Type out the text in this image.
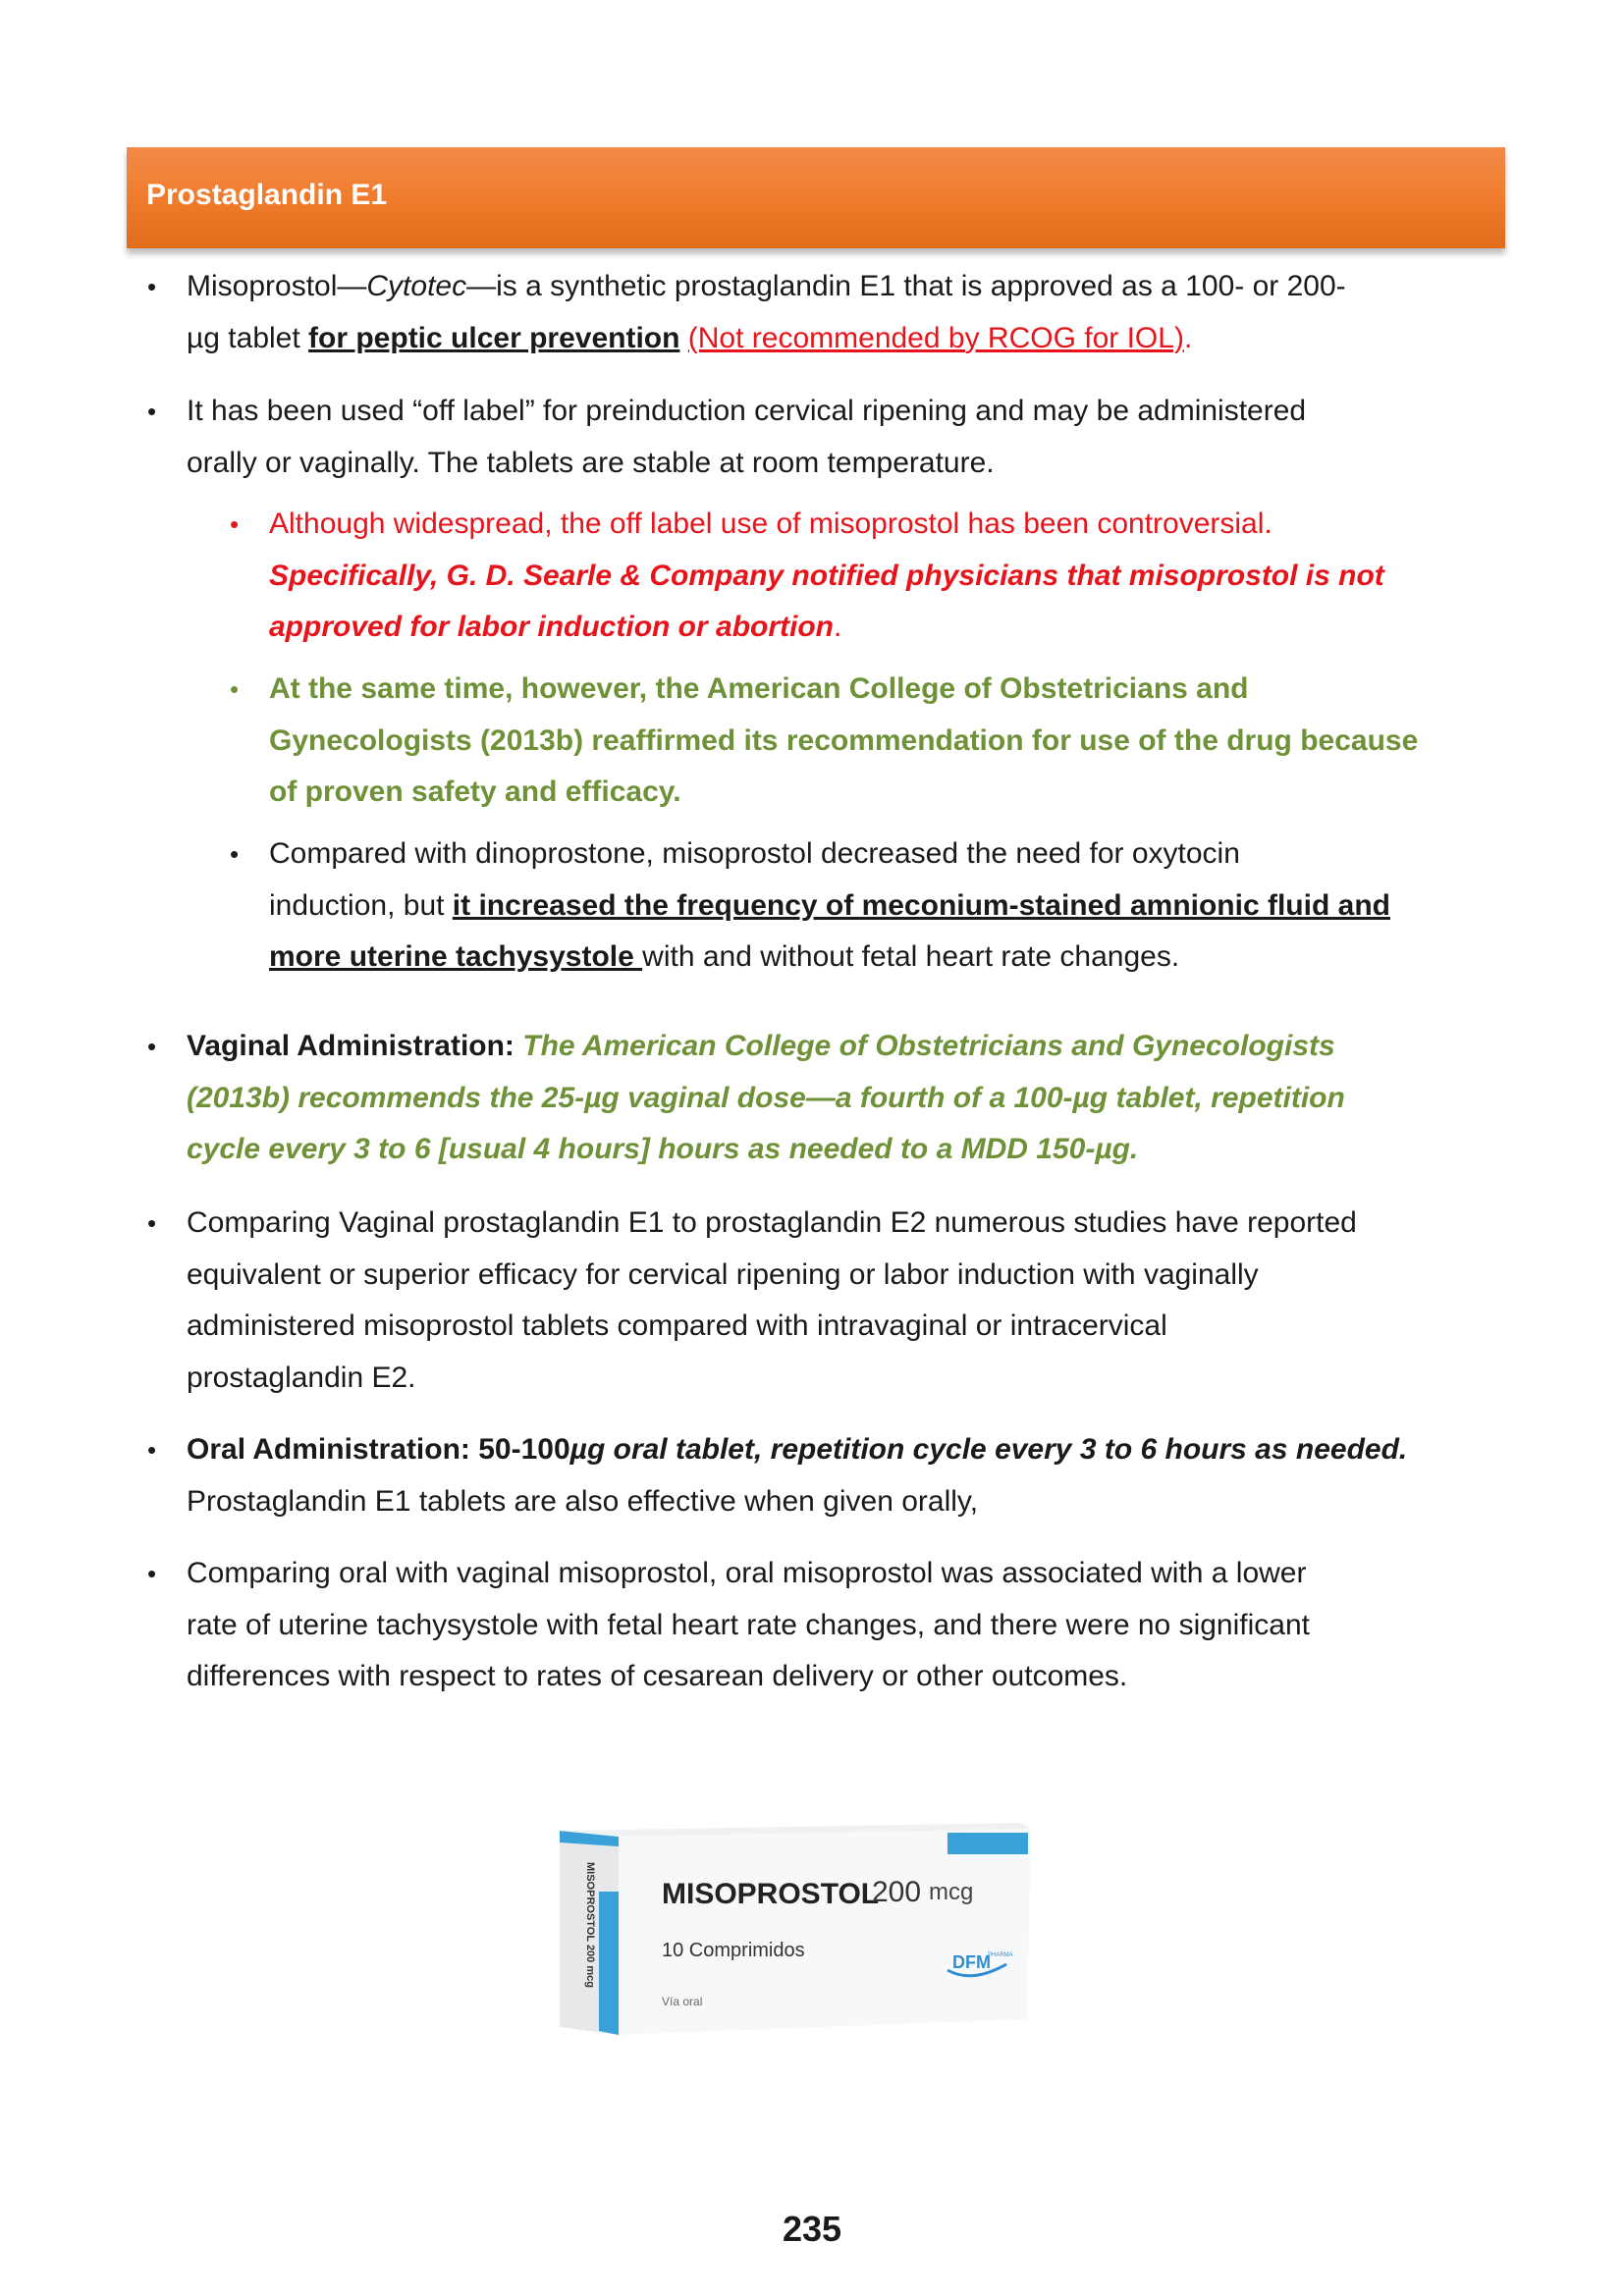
Prostaglandin E1
• Misoprostol—Cytotec—is a synthetic prostaglandin E1 that is approved as a 100- or 200-
µg tablet for peptic ulcer prevention (Not recommended by RCOG for IOL).
• It has been used “off label” for preinduction cervical ripening and may be administered
orally or vaginally. The tablets are stable at room temperature.
• Although widespread, the off label use of misoprostol has been controversial.
Specifically, G. D. Searle & Company notified physicians that misoprostol is not
approved for labor induction or abortion.
• At the same time, however, the American College of Obstetricians and
Gynecologists (2013b) reaffirmed its recommendation for use of the drug because
of proven safety and efficacy.
• Compared with dinoprostone, misoprostol decreased the need for oxytocin
induction, but it increased the frequency of meconium-stained amnionic fluid and
more uterine tachysystole with and without fetal heart rate changes.
• Vaginal Administration: The American College of Obstetricians and Gynecologists
(2013b) recommends the 25-µg vaginal dose—a fourth of a 100-µg tablet, repetition
cycle every 3 to 6 [usual 4 hours] hours as needed to a MDD 150-µg.
• Comparing Vaginal prostaglandin E1 to prostaglandin E2 numerous studies have reported
equivalent or superior efficacy for cervical ripening or labor induction with vaginally
administered misoprostol tablets compared with intravaginal or intracervical
prostaglandin E2.
• Oral Administration: 50-100µg oral tablet, repetition cycle every 3 to 6 hours as needed.
Prostaglandin E1 tablets are also effective when given orally,
• Comparing oral with vaginal misoprostol, oral misoprostol was associated with a lower
rate of uterine tachysystole with fetal heart rate changes, and there were no significant
differences with respect to rates of cesarean delivery or other outcomes.
MISOPROSTOL
200 mcg
10 Comprimidos
Vía oral
DFM
PHARMA
MISOPROSTOL 200 mcg
235
